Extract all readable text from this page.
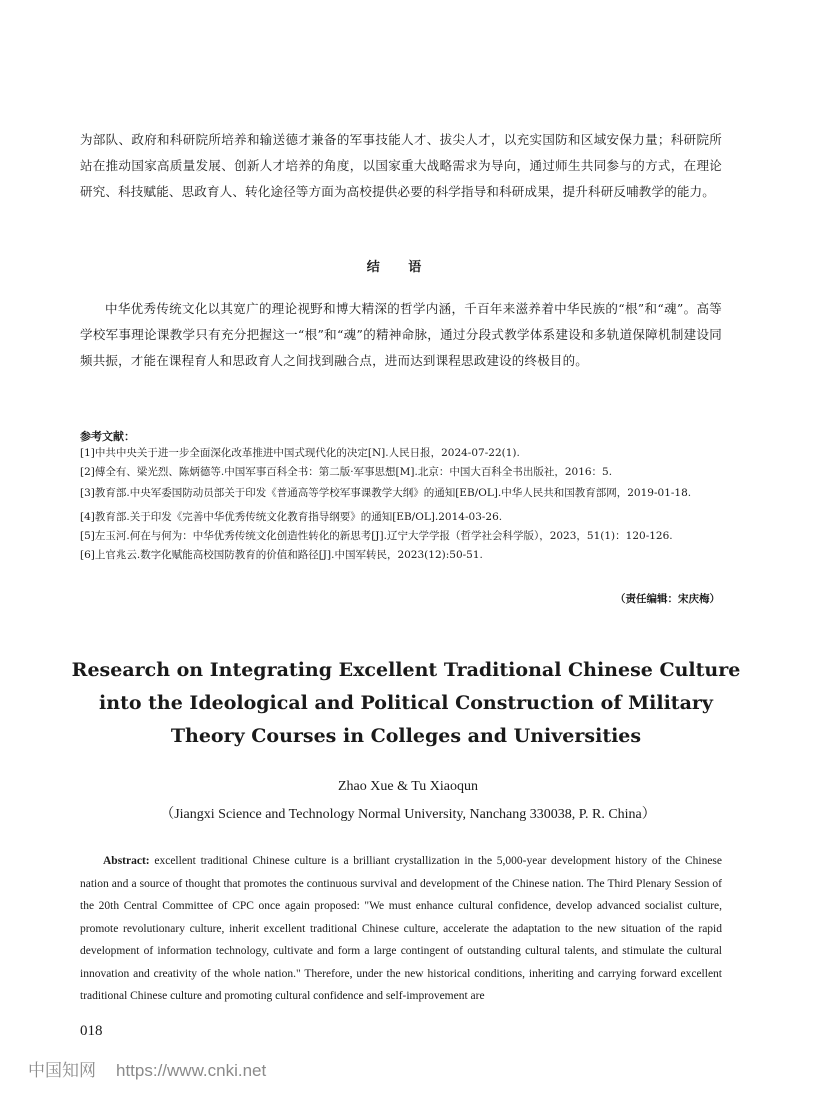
为部队、政府和科研院所培养和输送德才兼备的军事技能人才、拔尖人才，以充实国防和区域安保力量；科研院所站在推动国家高质量发展、创新人才培养的角度，以国家重大战略需求为导向，通过师生共同参与的方式，在理论研究、科技赋能、思政育人、转化途径等方面为高校提供必要的科学指导和科研成果，提升科研反哺教学的能力。

结 语

中华优秀传统文化以其宽广的理论视野和博大精深的哲学内涵，千百年来滋养着中华民族的“根”和“魂”。高等学校军事理论课教学只有充分把握这一“根”和“魂”的精神命脉，通过分段式教学体系建设和多轨道保障机制建设同频共振，才能在课程育人和思政育人之间找到融合点，进而达到课程思政建设的终极目的。

参考文献：
[1]中共中央关于进一步全面深化改革推进中国式现代化的决定[N].人民日报，2024-07-22(1).
[2]傅全有、梁光烈、陈炳德等.中国军事百科全书：第二版·军事思想[M].北京：中国大百科全书出版社，2016：5.
[3]教育部.中央军委国防动员部关于印发《普通高等学校军事课教学大纲》的通知[EB/OL].中华人民共和国教育部网，2019-01-18.
[4]教育部.关于印发《完善中华优秀传统文化教育指导纲要》的通知[EB/OL].2014-03-26.
[5]左玉河.何在与何为：中华优秀传统文化创造性转化的新思考[J].辽宁大学学报（哲学社会科学版），2023，51(1)：120-126.
[6]上官兆云.数字化赋能高校国防教育的价值和路径[J].中国军转民，2023(12):50-51.

（责任编辑：宋庆梅）

Research on Integrating Excellent Traditional Chinese Culture into the Ideological and Political Construction of Military Theory Courses in Colleges and Universities

Zhao Xue & Tu Xiaoqun

（Jiangxi Science and Technology Normal University, Nanchang 330038, P. R. China）

Abstract: excellent traditional Chinese culture is a brilliant crystallization in the 5,000-year development history of the Chinese nation and a source of thought that promotes the continuous survival and development of the Chinese nation. The Third Plenary Session of the 20th Central Committee of CPC once again proposed: "We must enhance cultural confidence, develop advanced socialist culture, promote revolutionary culture, inherit excellent traditional Chinese culture, accelerate the adaptation to the new situation of the rapid development of information technology, cultivate and form a large contingent of outstanding cultural talents, and stimulate the cultural innovation and creativity of the whole nation." Therefore, under the new historical conditions, inheriting and carrying forward excellent traditional Chinese culture and promoting cultural confidence and self-improvement are

018

中国知网 https://www.cnki.net
